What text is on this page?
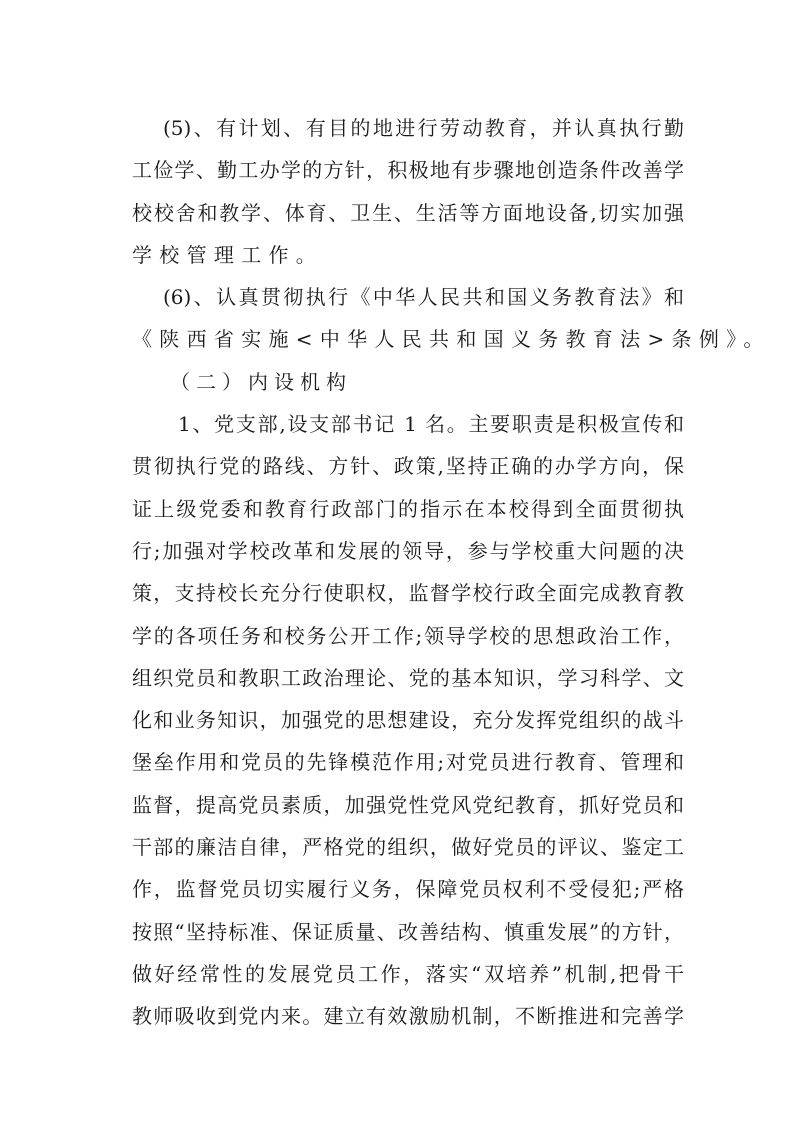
(5)、有计划、有目的地进行劳动教育，并认真执行勤
工俭学、勤工办学的方针，积极地有步骤地创造条件改善学
校校舍和教学、体育、卫生、生活等方面地设备,切实加强
学校管理工作。
(6)、认真贯彻执行《中华人民共和国义务教育法》和
《陕西省实施<中华人民共和国义务教育法>条例》。
（二）内设机构
1、党支部,设支部书记 1 名。主要职责是积极宣传和
贯彻执行党的路线、方针、政策,坚持正确的办学方向，保
证上级党委和教育行政部门的指示在本校得到全面贯彻执
行;加强对学校改革和发展的领导，参与学校重大问题的决
策，支持校长充分行使职权，监督学校行政全面完成教育教
学的各项任务和校务公开工作;领导学校的思想政治工作，
组织党员和教职工政治理论、党的基本知识，学习科学、文
化和业务知识，加强党的思想建设，充分发挥党组织的战斗
堡垒作用和党员的先锋模范作用;对党员进行教育、管理和
监督，提高党员素质，加强党性党风党纪教育，抓好党员和
干部的廉洁自律，严格党的组织，做好党员的评议、鉴定工
作，监督党员切实履行义务，保障党员权利不受侵犯;严格
按照“坚持标准、保证质量、改善结构、慎重发展”的方针，
做好经常性的发展党员工作，落实“双培养”机制,把骨干
教师吸收到党内来。建立有效激励机制，不断推进和完善学
